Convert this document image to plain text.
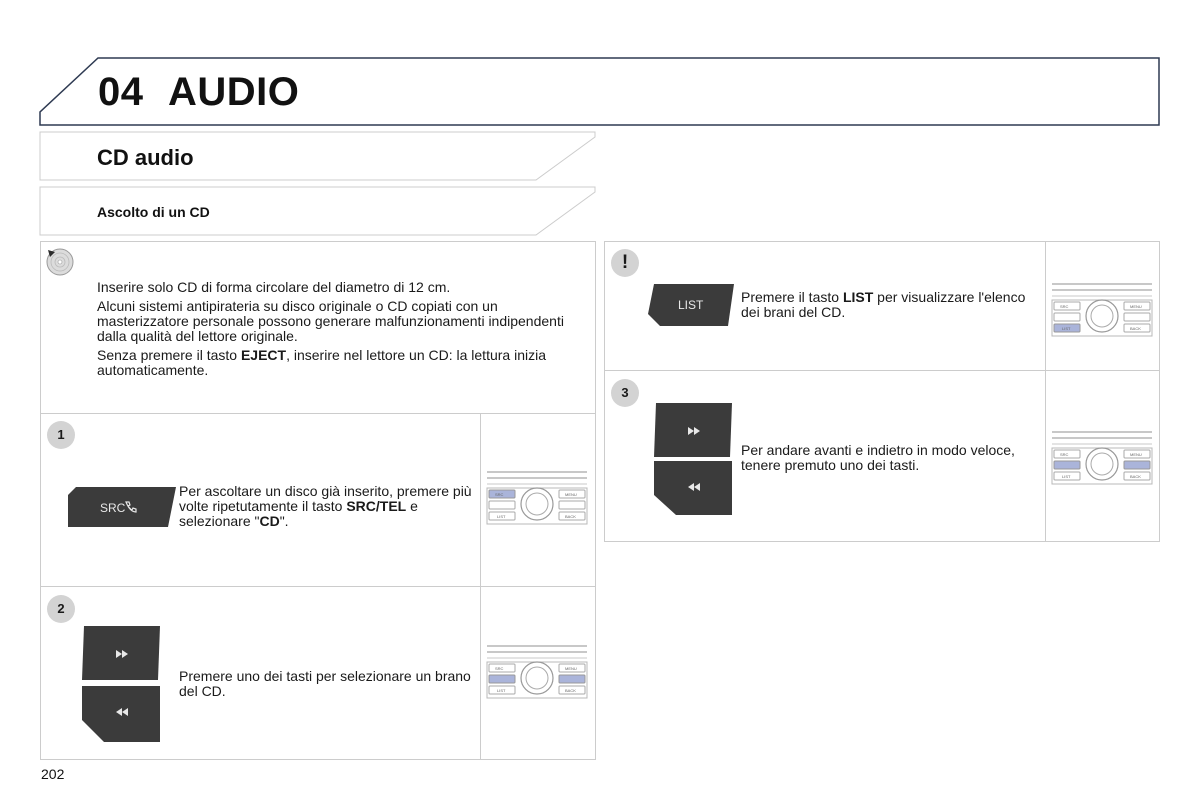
04 AUDIO
CD audio
Ascolto di un CD
Inserire solo CD di forma circolare del diametro di 12 cm.
Alcuni sistemi antipirateria su disco originale o CD copiati con un masterizzatore personale possono generare malfunzionamenti indipendenti dalla qualità del lettore originale.
Senza premere il tasto EJECT, inserire nel lettore un CD: la lettura inizia automaticamente.
1
SRC
Per ascoltare un disco già inserito, premere più volte ripetutamente il tasto SRC/TEL e selezionare "CD".
SRC	MENU
LIST	BACK
2
Premere uno dei tasti per selezionare un brano del CD.
SRC	MENU
LIST	BACK
!
LIST	Premere il tasto LIST per visualizzare l'elenco dei brani del CD.	SRC	MENU
LIST	BACK
3
Per andare avanti e indietro in modo veloce, tenere premuto uno dei tasti.
SRC	MENU
LIST	BACK
202
